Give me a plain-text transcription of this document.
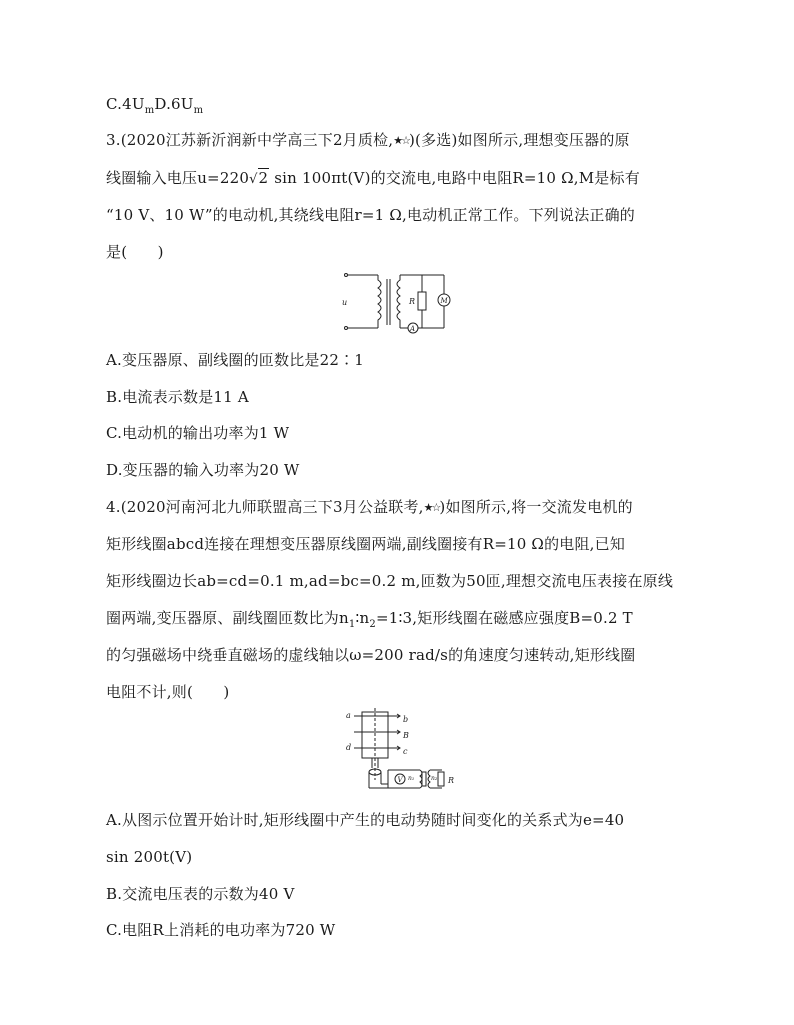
$C.4U_mD.6U_m$
3.(2020江苏新沂润新中学高三下2月质检,★☆)(多选)如图所示,理想变压器的原
线圈输入电压u=220√2 sin 100πt(V)的交流电,电路中电阻R=10 Ω,M是标有
“10 V、10 W”的电动机,其绕线电阻r=1 Ω,电动机正常工作。下列说法正确的
是(　　)
u	R	M
A
A.变压器原、副线圈的匝数比是22∶1
B.电流表示数是11 A
C.电动机的输出功率为1 W
D.变压器的输入功率为20 W
4.(2020河南河北九师联盟高三下3月公益联考,★☆)如图所示,将一交流发电机的
矩形线圈abcd连接在理想变压器原线圈两端,副线圈接有R=10 Ω的电阻,已知
矩形线圈边长ab=cd=0.1 m,ad=bc=0.2 m,匝数为50匝,理想交流电压表接在原线
圈两端,变压器原、副线圈匝数比为$n_1∶n_2=1∶3$,矩形线圈在磁感应强度B=0.2 T
的匀强磁场中绕垂直磁场的虚线轴以ω=200 rad/s的角速度匀速转动,矩形线圈
电阻不计,则(　　)
a	b
B
d	c
V n₁	n₂ R
A.从图示位置开始计时,矩形线圈中产生的电动势随时间变化的关系式为e=40
sin 200t(V)
B.交流电压表的示数为40 V
C.电阻R上消耗的电功率为720 W
